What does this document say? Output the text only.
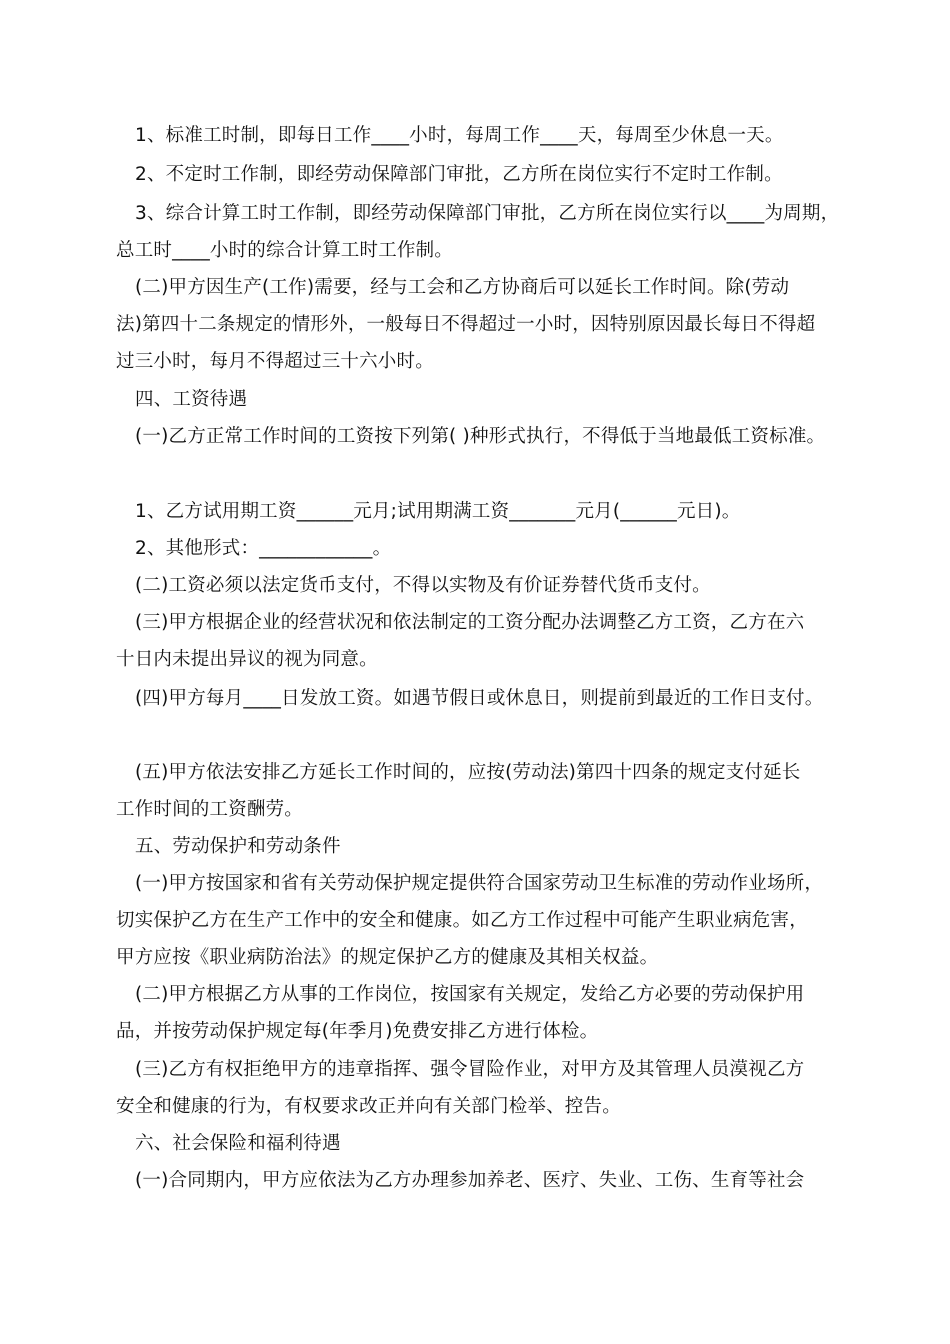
1、标准工时制，即每日工作____小时，每周工作____天，每周至少休息一天。
2、不定时工作制，即经劳动保障部门审批，乙方所在岗位实行不定时工作制。
3、综合计算工时工作制，即经劳动保障部门审批，乙方所在岗位实行以____为周期，
总工时____小时的综合计算工时工作制。
(二)甲方因生产(工作)需要，经与工会和乙方协商后可以延长工作时间。除(劳动
法)第四十二条规定的情形外，一般每日不得超过一小时，因特别原因最长每日不得超
过三小时，每月不得超过三十六小时。
四、工资待遇
(一)乙方正常工作时间的工资按下列第( )种形式执行，不得低于当地最低工资标准。
1、乙方试用期工资______元月;试用期满工资_______元月(______元日)。
2、其他形式：____________。
(二)工资必须以法定货币支付，不得以实物及有价证券替代货币支付。
(三)甲方根据企业的经营状况和依法制定的工资分配办法调整乙方工资，乙方在六
十日内未提出异议的视为同意。
(四)甲方每月____日发放工资。如遇节假日或休息日，则提前到最近的工作日支付。
(五)甲方依法安排乙方延长工作时间的，应按(劳动法)第四十四条的规定支付延长
工作时间的工资酬劳。
五、劳动保护和劳动条件
(一)甲方按国家和省有关劳动保护规定提供符合国家劳动卫生标准的劳动作业场所，
切实保护乙方在生产工作中的安全和健康。如乙方工作过程中可能产生职业病危害，
甲方应按《职业病防治法》的规定保护乙方的健康及其相关权益。
(二)甲方根据乙方从事的工作岗位，按国家有关规定，发给乙方必要的劳动保护用
品，并按劳动保护规定每(年季月)免费安排乙方进行体检。
(三)乙方有权拒绝甲方的违章指挥、强令冒险作业，对甲方及其管理人员漠视乙方
安全和健康的行为，有权要求改正并向有关部门检举、控告。
六、社会保险和福利待遇
(一)合同期内，甲方应依法为乙方办理参加养老、医疗、失业、工伤、生育等社会
